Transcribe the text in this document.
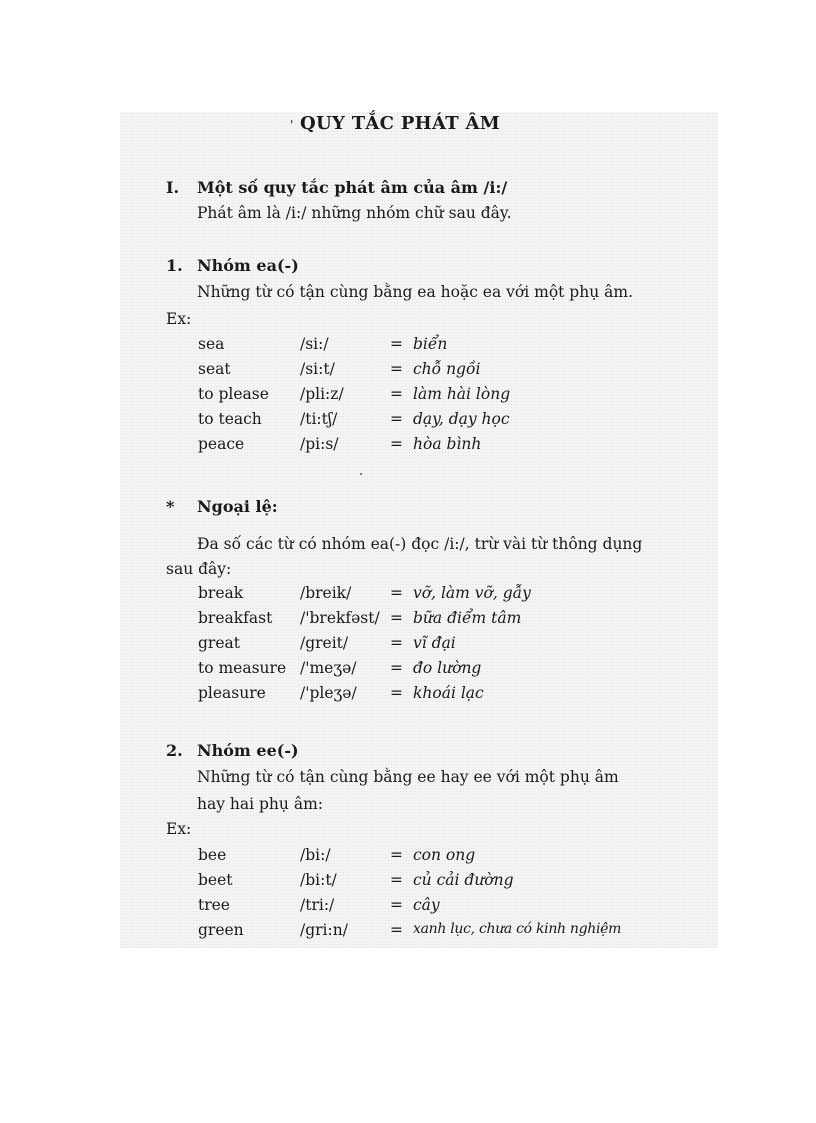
' QUY TẮC PHÁT ÂM
I. Một số quy tắc phát âm của âm /i:/
Phát âm là /i:/ những nhóm chữ sau đây.
1. Nhóm ea(-)
Những từ có tận cùng bằng ea hoặc ea với một phụ âm.
Ex:
sea	/si:/	= biển
seat	/si:t/	= chỗ ngồi
to please /pli:z/	= làm hài lòng
to teach /ti:tʃ/	= dạy, dạy học
peace	/pi:s/	= hòa bình
* Ngoại lệ:
Đa số các từ có nhóm ea(-) đọc /i:/, trừ vài từ thông dụng
sau đây:
break	/breik/ = vỡ, làm vỡ, gẫy
breakfast /'brekfəst/ = bữa điểm tâm
great	/greit/	= vĩ đại
to measure /'meʒə/ = đo lường
pleasure /'pleʒə/ = khoái lạc
2. Nhóm ee(-)
Những từ có tận cùng bằng ee hay ee với một phụ âm
hay hai phụ âm:
Ex:
bee	/bi:/	= con ong
beet	/bi:t/	= củ cải đường
tree	/tri:/	= cây
green	/gri:n/	= xanh lục, chưa có kinh nghiệm
